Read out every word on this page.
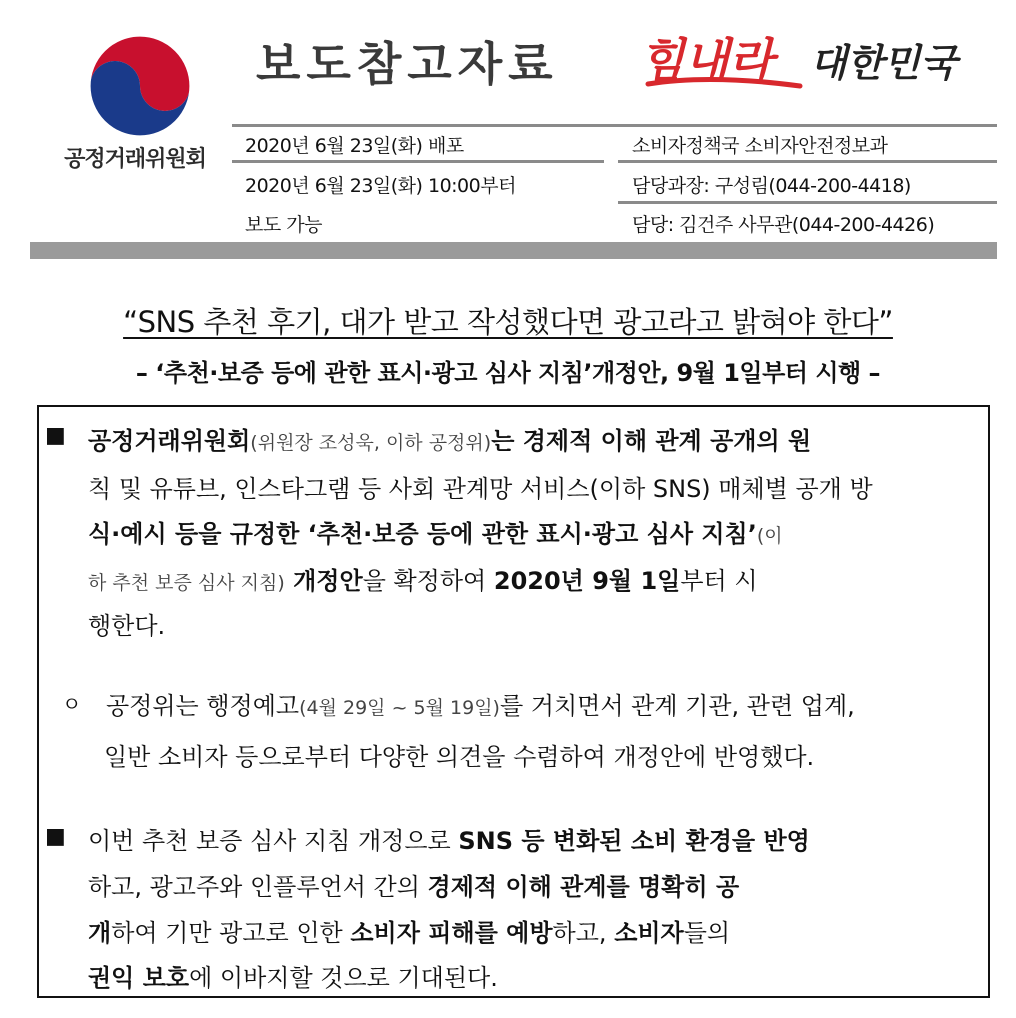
공정거래위원회
보도참고자료 힘내라 대한민국
2020년 6월 23일(화) 배포
2020년 6월 23일(화) 10:00부터
보도 가능
소비자정책국 소비자안전정보과
담당과장: 구성림(044-200-4418)
담당: 김건주 사무관(044-200-4426)
“SNS 추천 후기, 대가 받고 작성했다면 광고라고 밝혀야 한다”
– ‘추천·보증 등에 관한 표시·광고 심사 지침’개정안, 9월 1일부터 시행 –
■ 공정거래위원회(위원장 조성욱, 이하 공정위)는 경제적 이해 관계 공개의 원
칙 및 유튜브, 인스타그램 등 사회 관계망 서비스(이하 SNS) 매체별 공개 방
식·예시 등을 규정한 ‘추천·보증 등에 관한 표시·광고 심사 지침’(이
하 추천 보증 심사 지침) 개정안을 확정하여 2020년 9월 1일부터 시
행한다.
ㅇ 공정위는 행정예고(4월 29일 ~ 5월 19일)를 거치면서 관계 기관, 관련 업계,
일반 소비자 등으로부터 다양한 의견을 수렴하여 개정안에 반영했다.
■ 이번 추천 보증 심사 지침 개정으로 SNS 등 변화된 소비 환경을 반영
하고, 광고주와 인플루언서 간의 경제적 이해 관계를 명확히 공
개하여 기만 광고로 인한 소비자 피해를 예방하고, 소비자들의
권익 보호에 이바지할 것으로 기대된다.
